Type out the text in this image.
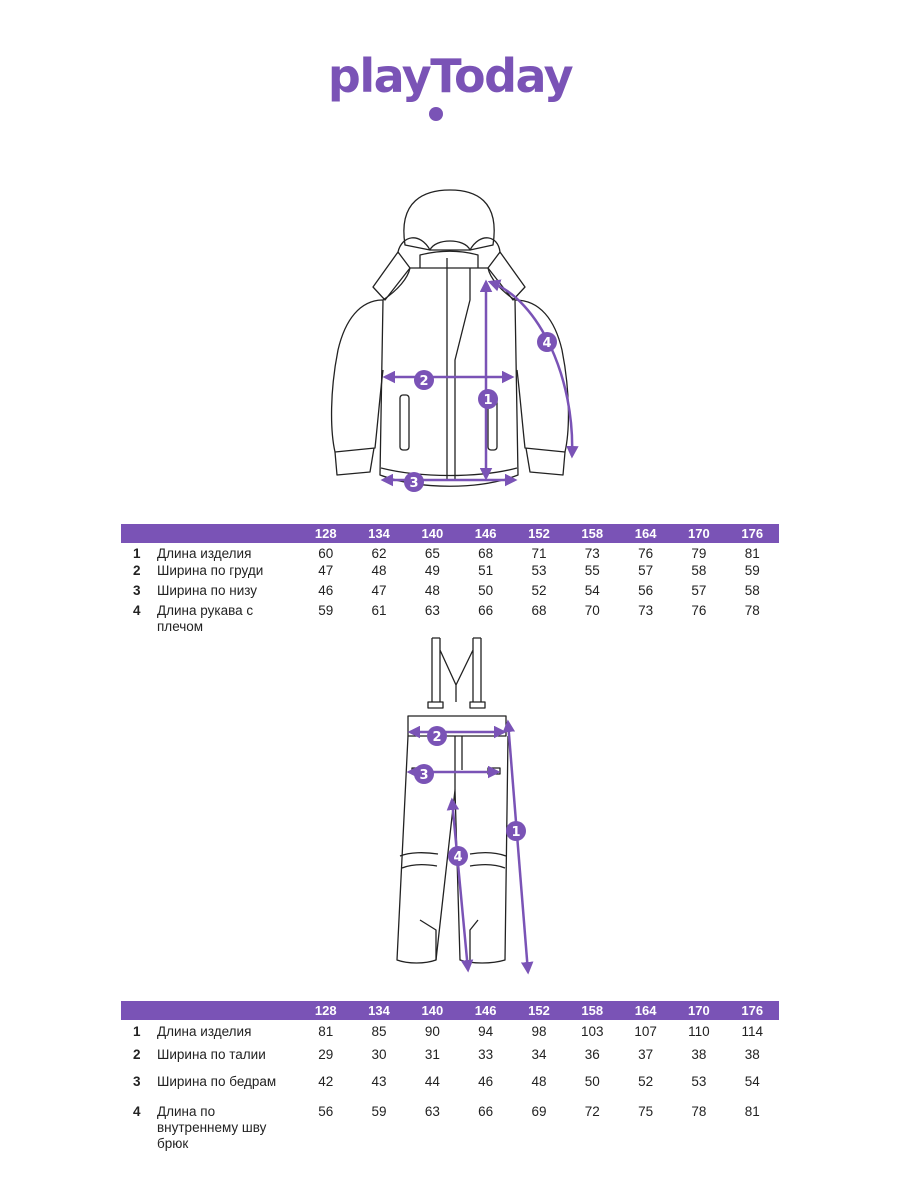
playToday
1
2
3
4
		128	134	140	146	152	158	164	170	176
1	Длина изделия	60	62	65	68	71	73	76	79	81
2	Ширина по груди	47	48	49	51	53	55	57	58	59
3	Ширина по низу	46	47	48	50	52	54	56	57	58
4	Длина рукава с плечом	59	61	63	66	68	70	73	76	78
1
2
3
4
		128	134	140	146	152	158	164	170	176
1	Длина изделия	81	85	90	94	98	103	107	110	114
2	Ширина по талии	29	30	31	33	34	36	37	38	38
3	Ширина по бедрам	42	43	44	46	48	50	52	53	54
4	Длина по внутреннему шву брюк	56	59	63	66	69	72	75	78	81
